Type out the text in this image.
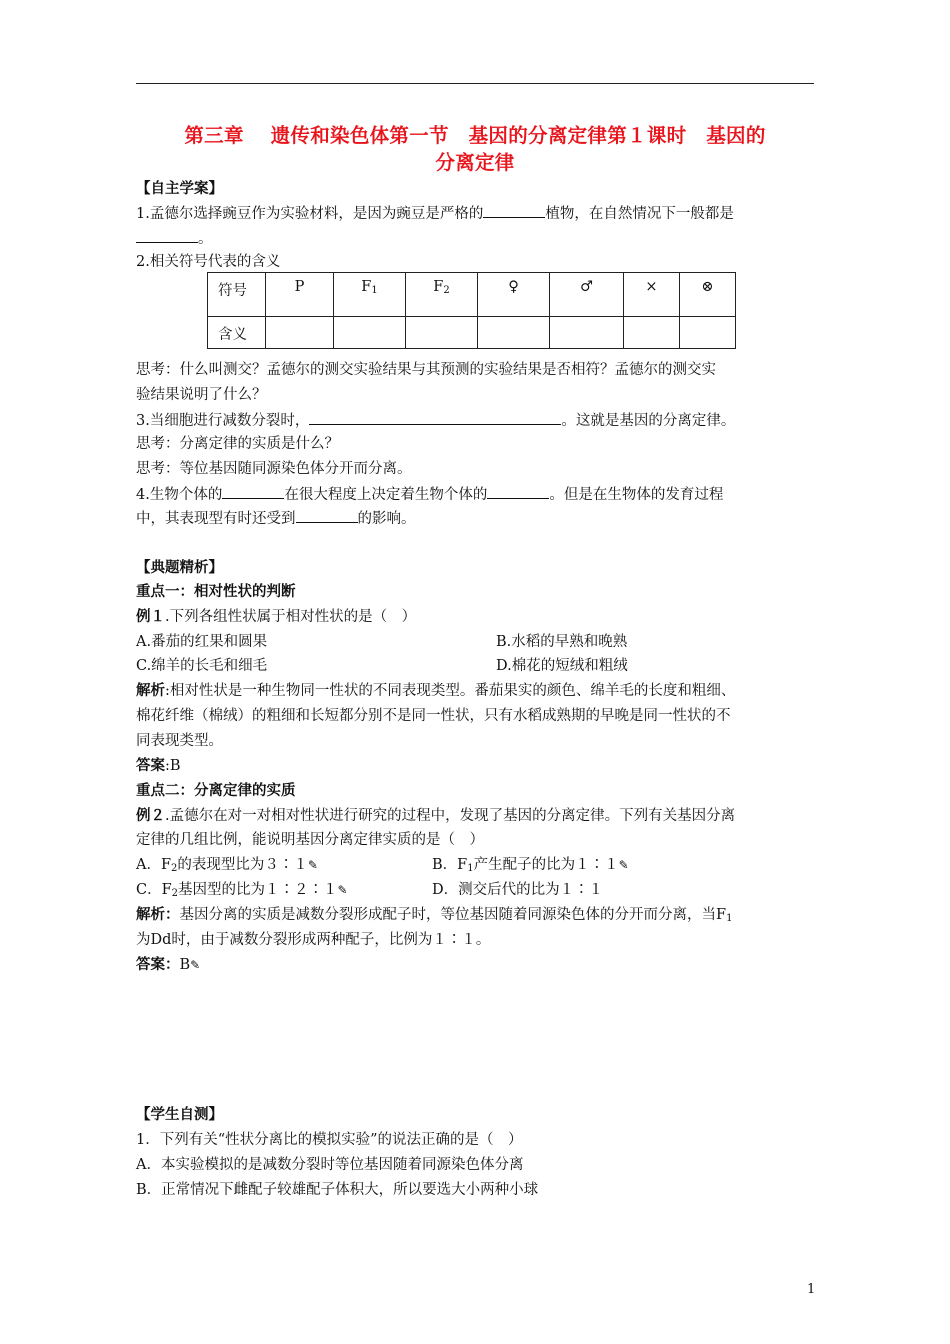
第三章　 遗传和染色体第一节　基因的分离定律第１课时　基因的
分离定律
【自主学案】
1.孟德尔选择豌豆作为实验材料，是因为豌豆是严格的	植物，在自然情况下一般都是
。
2.相关符号代表的含义
符号	P	$F_1$	$F_2$	♀	♂	×	⊗
含义							
思考：什么叫测交？孟德尔的测交实验结果与其预测的实验结果是否相符？孟德尔的测交实
验结果说明了什么？
3.当细胞进行减数分裂时，	。这就是基因的分离定律。
思考：分离定律的实质是什么？
思考：等位基因随同源染色体分开而分离。
4.生物个体的	在很大程度上决定着生物个体的	。但是在生物体的发育过程
中，其表现型有时还受到	的影响。
【典题精析】
重点一：相对性状的判断
例１.下列各组性状属于相对性状的是（　）
A.番茄的红果和圆果	B.水稻的早熟和晚熟
C.绵羊的长毛和细毛	D.棉花的短绒和粗绒
解析:相对性状是一种生物同一性状的不同表现类型。番茄果实的颜色、绵羊毛的长度和粗细、
棉花纤维（棉绒）的粗细和长短都分别不是同一性状，只有水稻成熟期的早晚是同一性状的不
同表现类型。
答案:B
重点二：分离定律的实质
例２.孟德尔在对一对相对性状进行研究的过程中，发现了基因的分离定律。下列有关基因分离
定律的几组比例，能说明基因分离定律实质的是（　）
A．$F_2$的表现型比为３∶１✎	B．$F_1$产生配子的比为１∶１✎
C．$F_2$基因型的比为１∶２∶１✎	D．测交后代的比为１∶１
解析：基因分离的实质是减数分裂形成配子时，等位基因随着同源染色体的分开而分离，当$F_1$
为Dd时，由于减数分裂形成两种配子，比例为１∶１。
答案：B✎
【学生自测】
1．下列有关“性状分离比的模拟实验”的说法正确的是（　）
A．本实验模拟的是减数分裂时等位基因随着同源染色体分离
B．正常情况下雌配子较雄配子体积大，所以要选大小两种小球
1
